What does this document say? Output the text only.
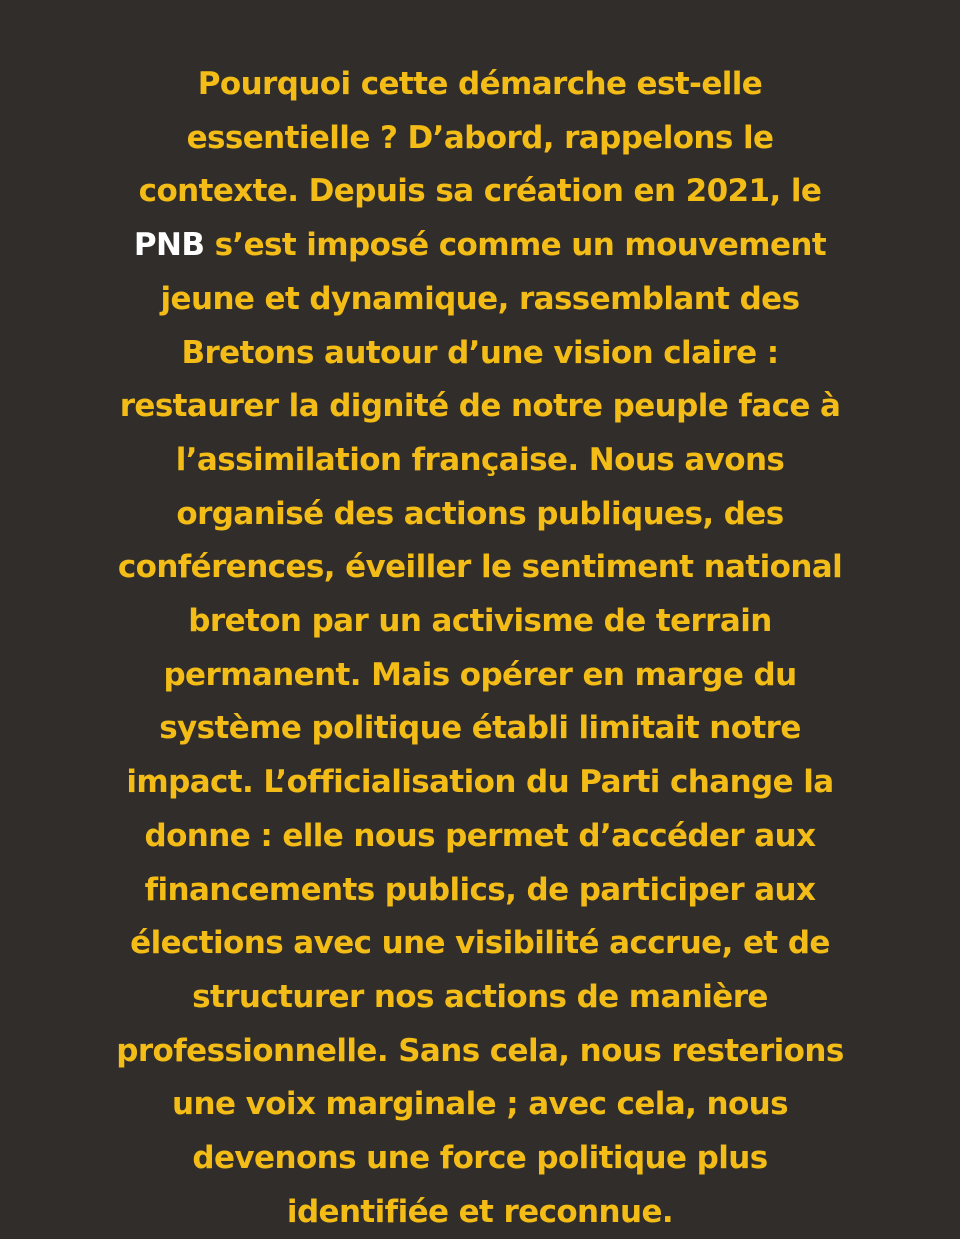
Pourquoi cette démarche est-elle
essentielle ? D’abord, rappelons le
contexte. Depuis sa création en 2021, le
PNB s’est imposé comme un mouvement
jeune et dynamique, rassemblant des
Bretons autour d’une vision claire :
restaurer la dignité de notre peuple face à
l’assimilation française. Nous avons
organisé des actions publiques, des
conférences, éveiller le sentiment national
breton par un activisme de terrain
permanent. Mais opérer en marge du
système politique établi limitait notre
impact. L’officialisation du Parti change la
donne : elle nous permet d’accéder aux
financements publics, de participer aux
élections avec une visibilité accrue, et de
structurer nos actions de manière
professionnelle. Sans cela, nous resterions
une voix marginale ; avec cela, nous
devenons une force politique plus
identifiée et reconnue.
